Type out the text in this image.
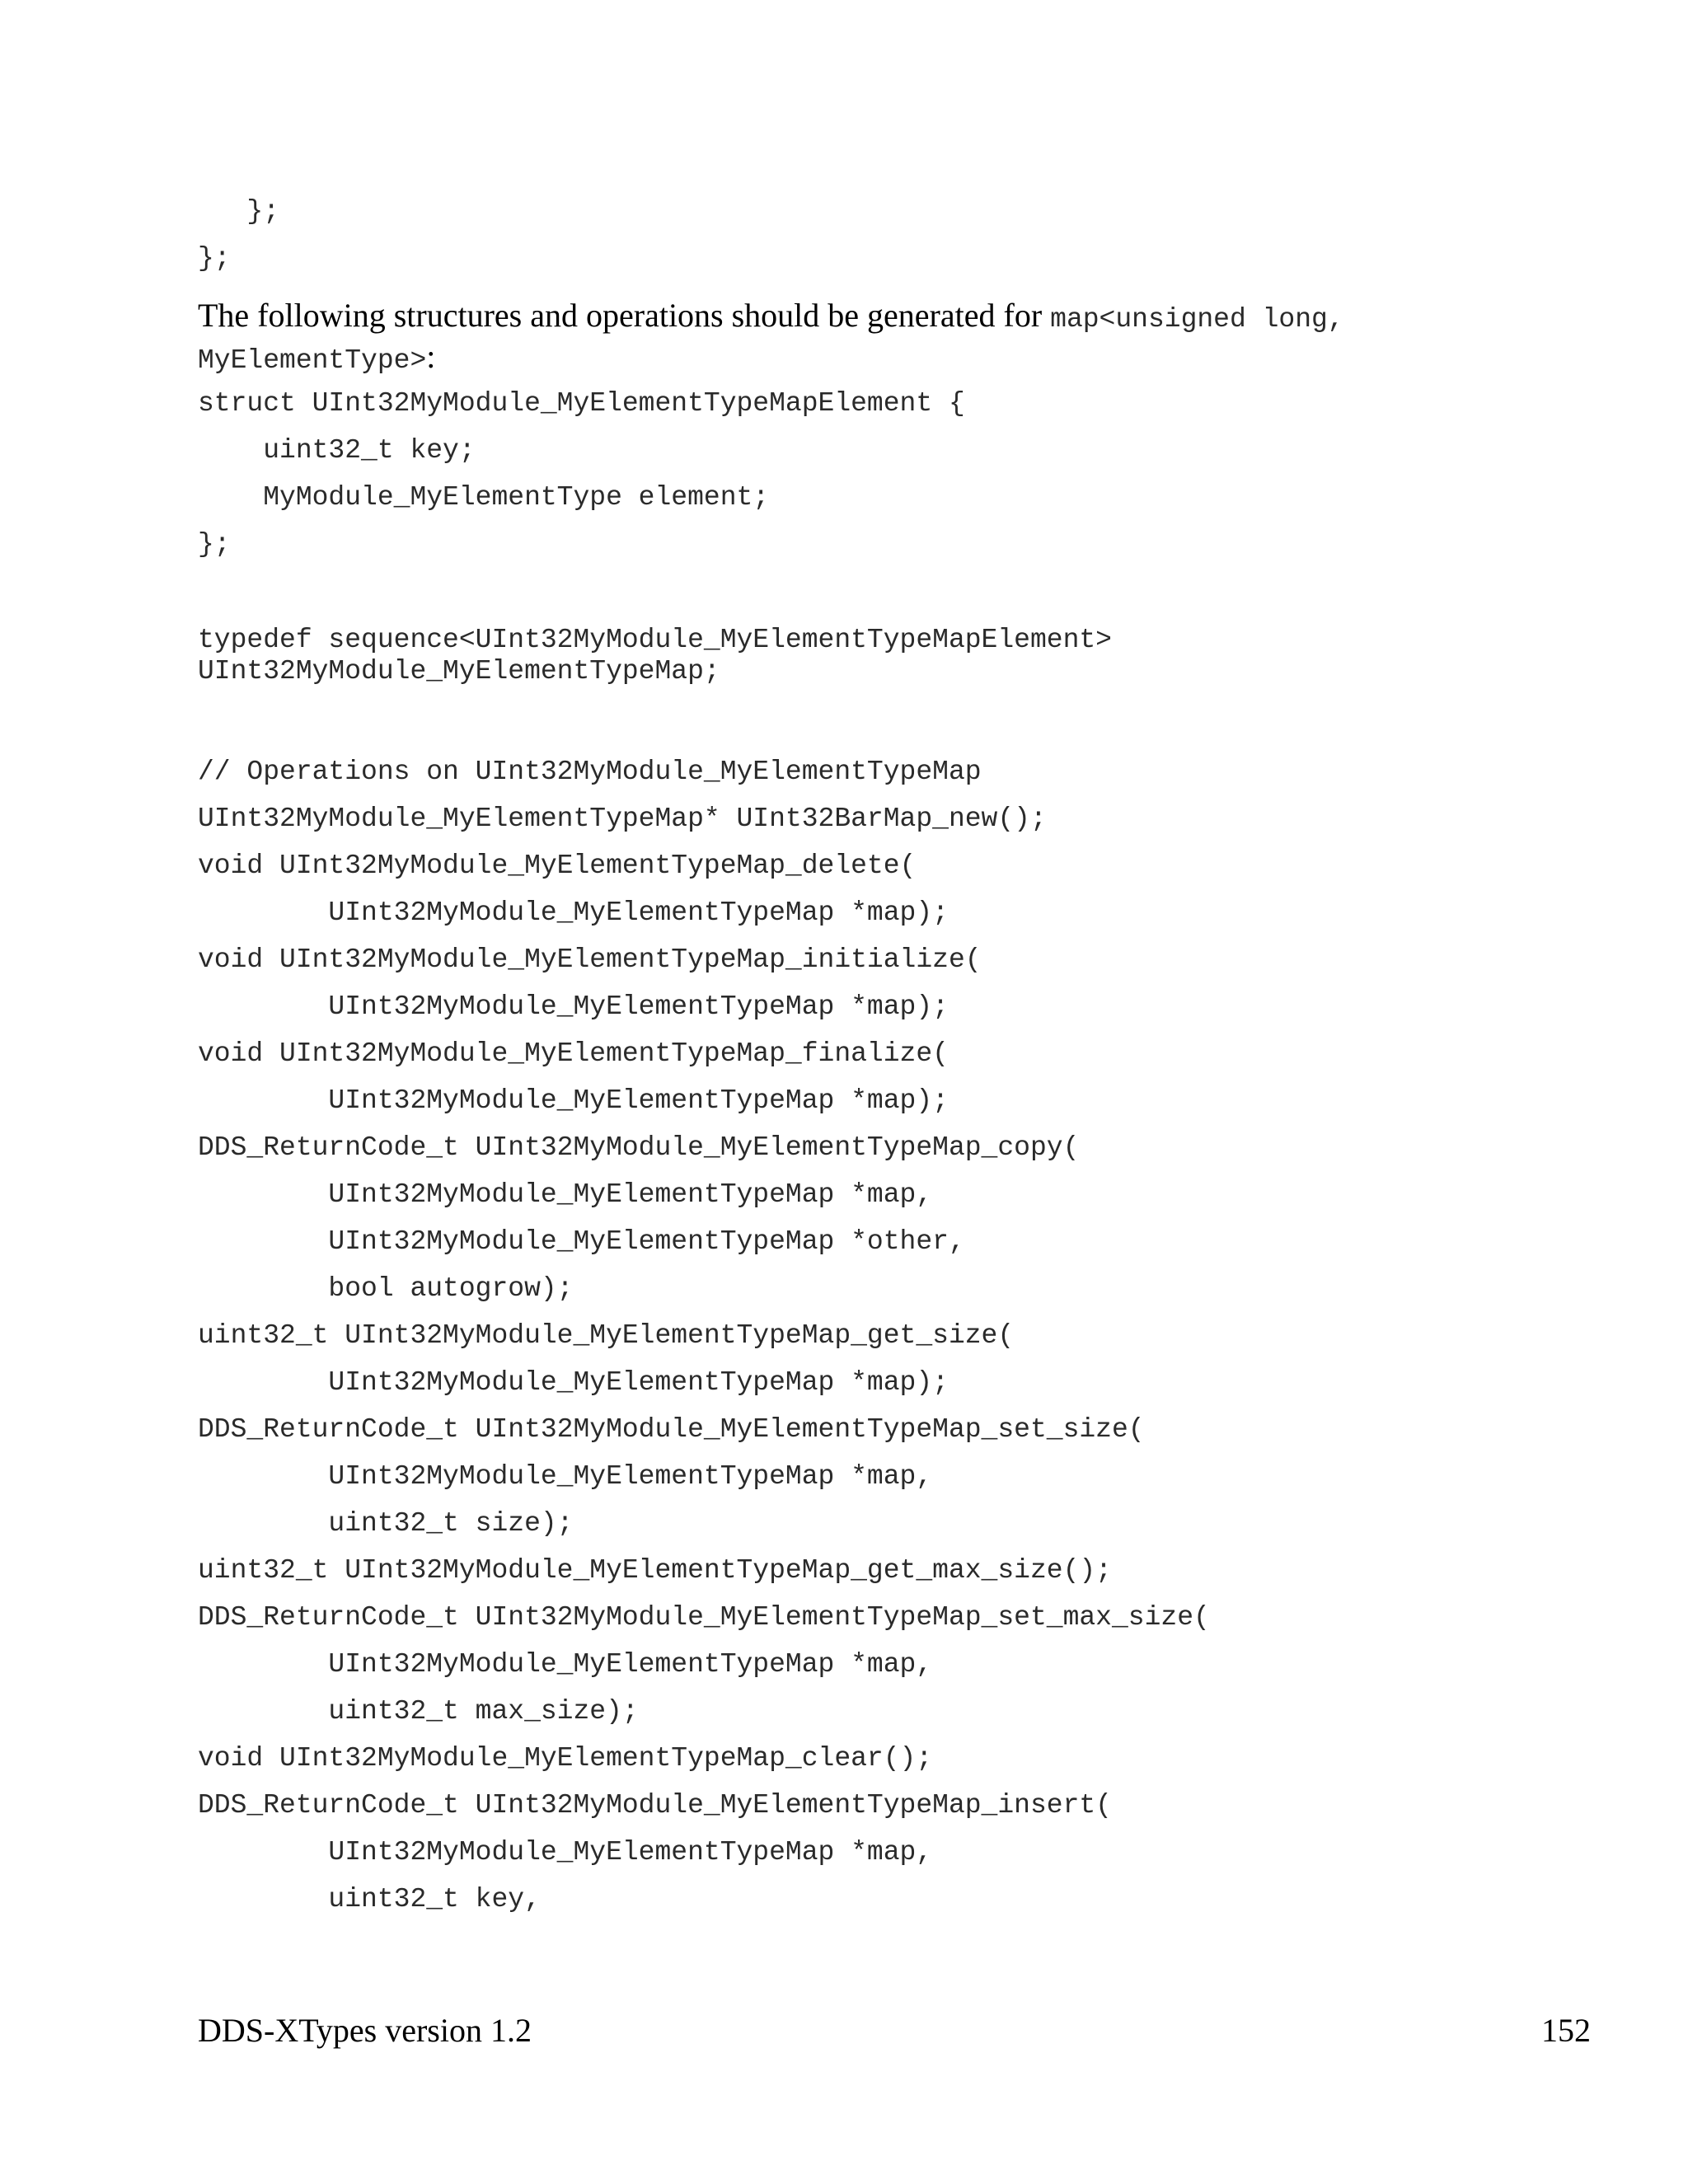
};
};
The following structures and operations should be generated for map<unsigned long,
MyElementType>:
struct UInt32MyModule_MyElementTypeMapElement {
uint32_t key;
MyModule_MyElementType element;
};
typedef sequence<UInt32MyModule_MyElementTypeMapElement>
UInt32MyModule_MyElementTypeMap;
// Operations on UInt32MyModule_MyElementTypeMap
UInt32MyModule_MyElementTypeMap* UInt32BarMap_new();
void UInt32MyModule_MyElementTypeMap_delete(
UInt32MyModule_MyElementTypeMap *map);
void UInt32MyModule_MyElementTypeMap_initialize(
UInt32MyModule_MyElementTypeMap *map);
void UInt32MyModule_MyElementTypeMap_finalize(
UInt32MyModule_MyElementTypeMap *map);
DDS_ReturnCode_t UInt32MyModule_MyElementTypeMap_copy(
UInt32MyModule_MyElementTypeMap *map,
UInt32MyModule_MyElementTypeMap *other,
bool autogrow);
uint32_t UInt32MyModule_MyElementTypeMap_get_size(
UInt32MyModule_MyElementTypeMap *map);
DDS_ReturnCode_t UInt32MyModule_MyElementTypeMap_set_size(
UInt32MyModule_MyElementTypeMap *map,
uint32_t size);
uint32_t UInt32MyModule_MyElementTypeMap_get_max_size();
DDS_ReturnCode_t UInt32MyModule_MyElementTypeMap_set_max_size(
UInt32MyModule_MyElementTypeMap *map,
uint32_t max_size);
void UInt32MyModule_MyElementTypeMap_clear();
DDS_ReturnCode_t UInt32MyModule_MyElementTypeMap_insert(
UInt32MyModule_MyElementTypeMap *map,
uint32_t key,
DDS-XTypes version 1.2	152
